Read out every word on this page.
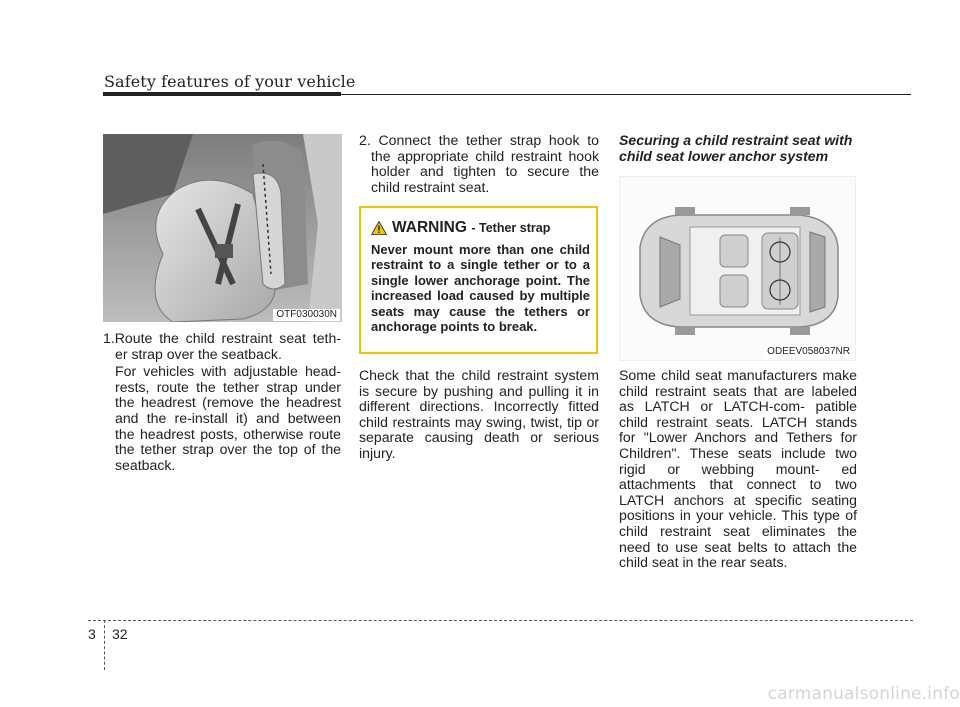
Safety features of your vehicle
OTF030030N

1.Route the child restraint seat teth- er strap over the seatback.

For vehicles with adjustable head- rests, route the tether strap under the headrest (remove the headrest and the re-install it) and between the headrest posts, otherwise route the tether strap over the top of the seatback.

2. Connect the tether strap hook to the appropriate child restraint hook holder and tighten to secure the child restraint seat.

WARNING - Tether strap
Never mount more than one child restraint to a single tether or to a single lower anchorage point. The increased load caused by multiple seats may cause the tethers or anchorage points to break.

Check that the child restraint system is secure by pushing and pulling it in different directions. Incorrectly fitted child restraints may swing, twist, tip or separate causing death or serious injury.

Securing a child restraint seat with child seat lower anchor system
ODEEV058037NR

Some child seat manufacturers make child restraint seats that are labeled as LATCH or LATCH-com- patible child restraint seats. LATCH stands for "Lower Anchors and Tethers for Children". These seats include two rigid or webbing mount- ed attachments that connect to two LATCH anchors at specific seating positions in your vehicle. This type of child restraint seat eliminates the need to use seat belts to attach the child seat in the rear seats.

3 32
carmanualsonline.info
